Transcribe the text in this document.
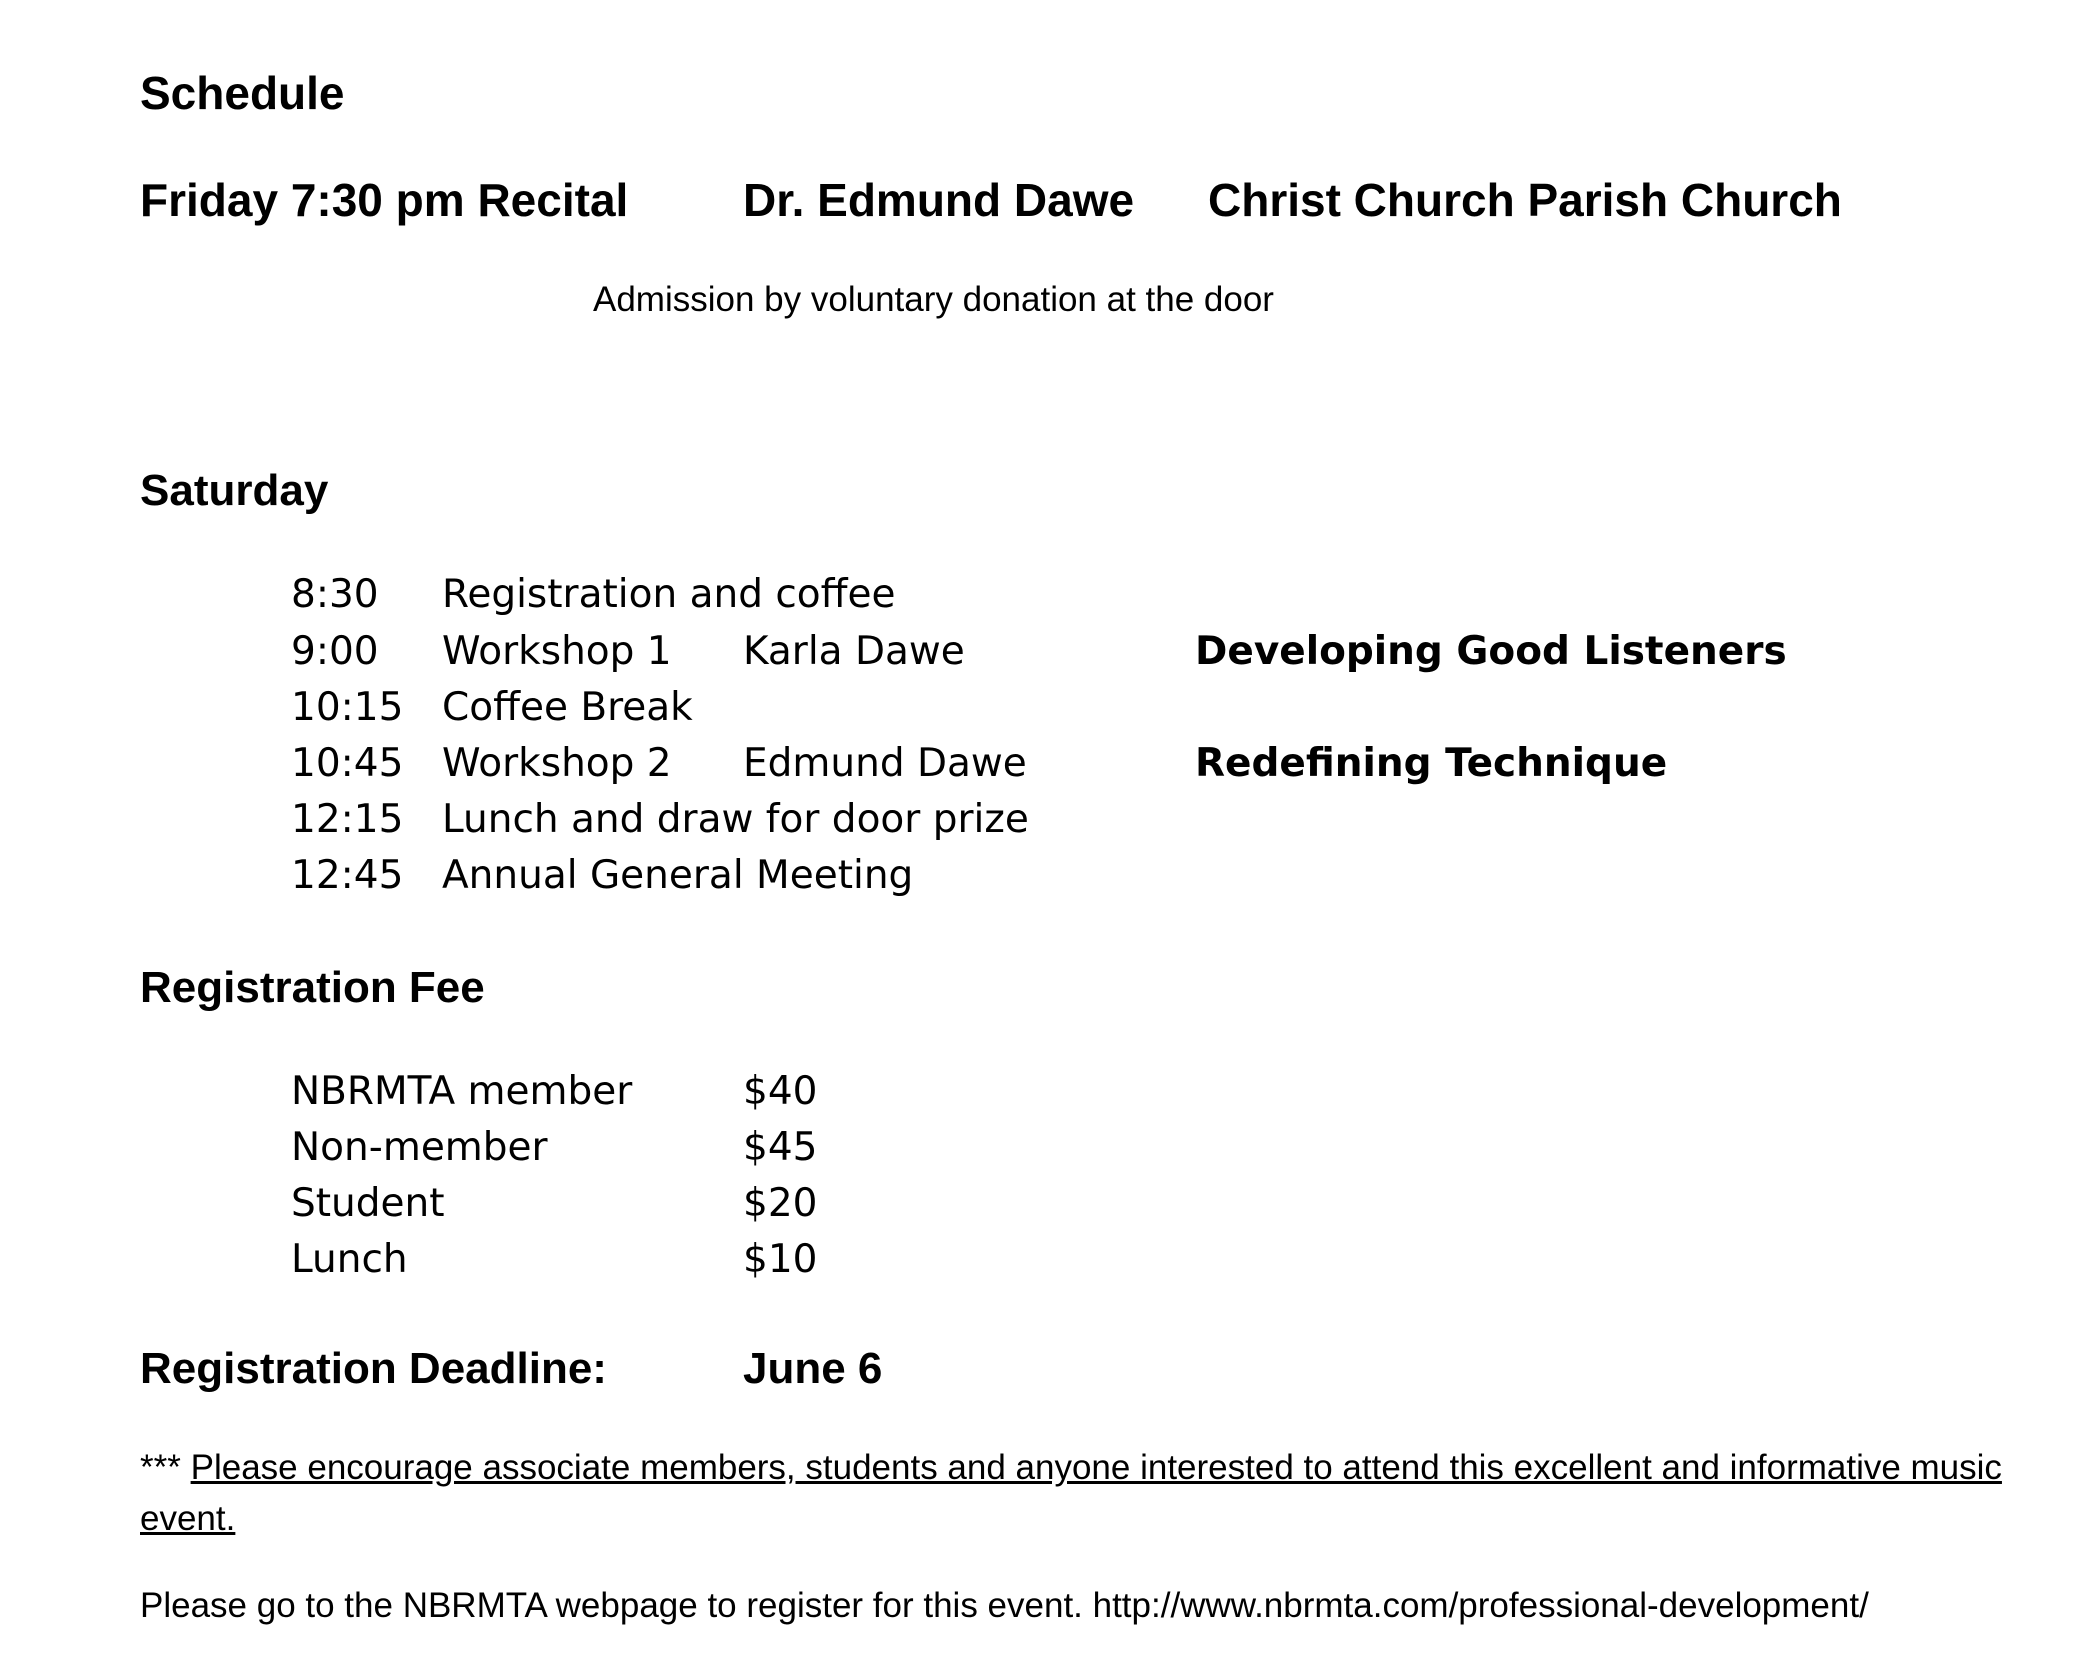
Schedule
Friday 7:30 pm Recital Dr. Edmund Dawe Christ Church Parish Church
Admission by voluntary donation at the door
Saturday
8:30 Registration and coffee
9:00 Workshop 1 Karla Dawe	Developing Good Listeners
10:15 Coffee Break
10:45 Workshop 2 Edmund Dawe	Redefining Technique
12:15 Lunch and draw for door prize
12:45 Annual General Meeting
Registration Fee
NBRMTA member	$40
Non-member	$45
Student	$20
Lunch	$10
Registration Deadline:	June 6
*** Please encourage associate members, students and anyone interested to attend this excellent and informative music event.
Please go to the NBRMTA webpage to register for this event. http://www.nbrmta.com/professional-development/
